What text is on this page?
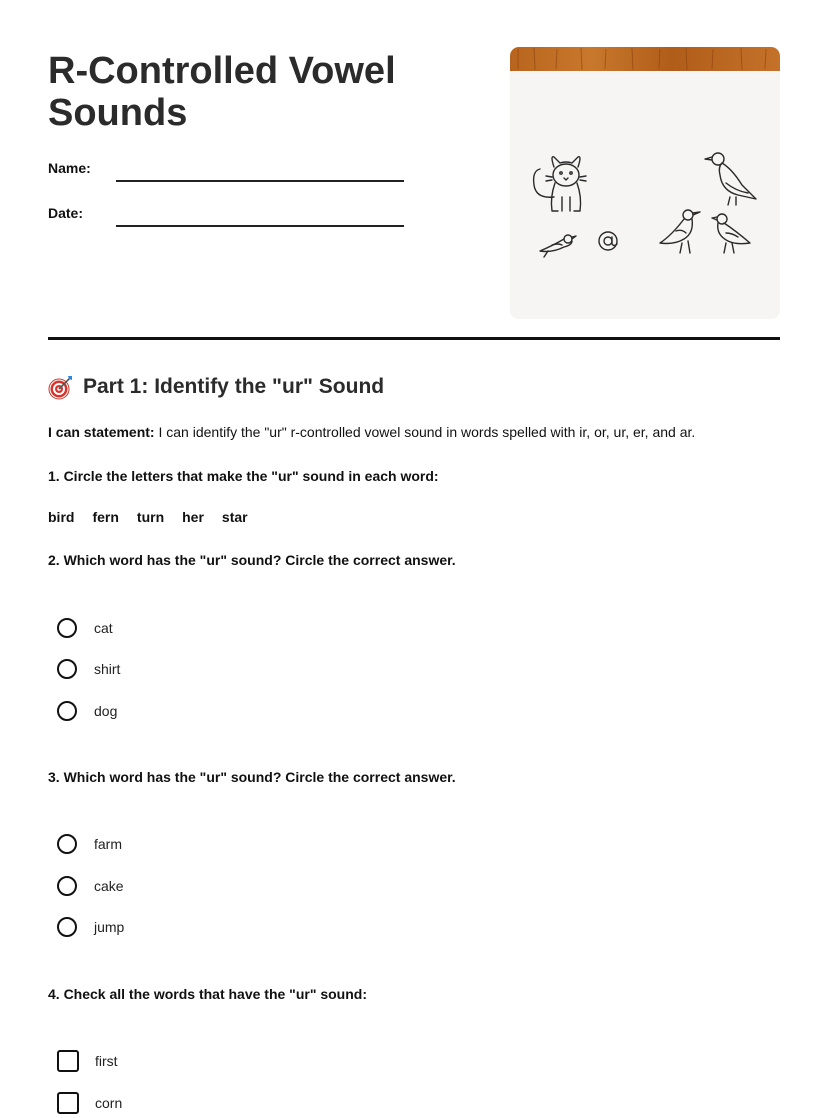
R-Controlled Vowel Sounds
Name:
Date:
Part 1: Identify the "ur" Sound
I can statement: I can identify the "ur" r-controlled vowel sound in words spelled with ir, or, ur, er, and ar.
1. Circle the letters that make the "ur" sound in each word:
bird fern turn her star
2. Which word has the "ur" sound? Circle the correct answer.
cat
shirt
dog
3. Which word has the "ur" sound? Circle the correct answer.
farm
cake
jump
4. Check all the words that have the "ur" sound:
first
corn
